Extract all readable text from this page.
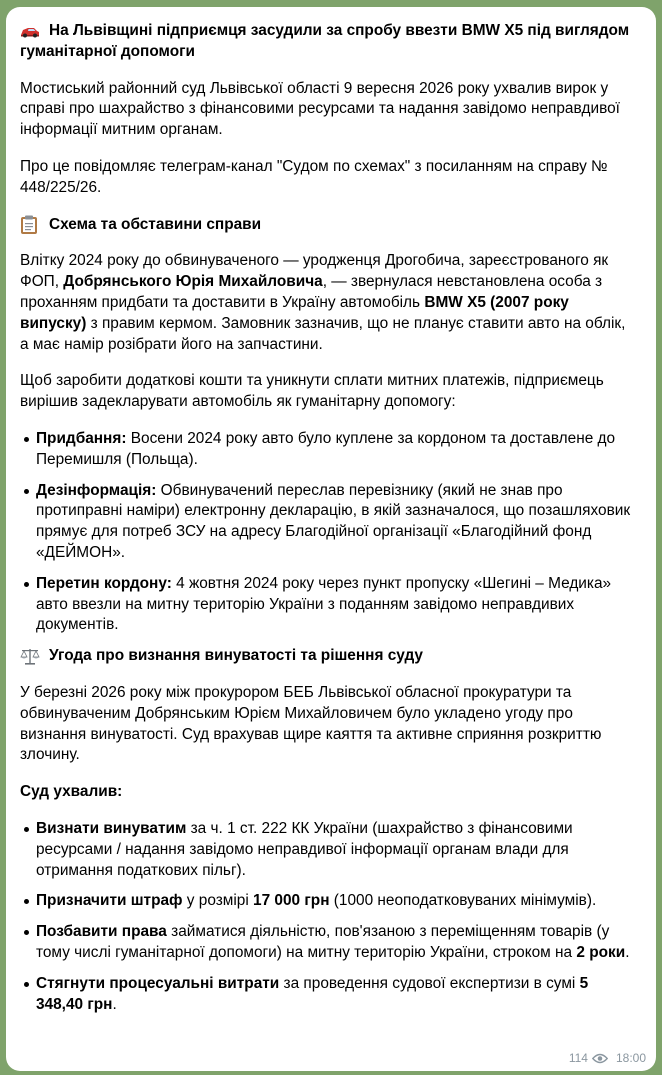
На Львівщині підприємця засудили за спробу ввезти BMW X5 під виглядом гуманітарної допомоги

Мостиський районний суд Львівської області 9 вересня 2026 року ухвалив вирок у справі про шахрайство з фінансовими ресурсами та надання завідомо неправдивої інформації митним органам.

Про це повідомляє телеграм-канал "Судом по схемах" з посиланням на справу № 448/225/26.

Схема та обставини справи

Влітку 2024 року до обвинуваченого — уродженця Дрогобича, зареєстрованого як ФОП, Добрянського Юрія Михайловича, — звернулася невстановлена особа з проханням придбати та доставити в Україну автомобіль BMW X5 (2007 року випуску) з правим кермом. Замовник зазначив, що не планує ставити авто на облік, а має намір розібрати його на запчастини.

Щоб заробити додаткові кошти та уникнути сплати митних платежів, підприємець вирішив задекларувати автомобіль як гуманітарну допомогу:

Придбання: Восени 2024 року авто було куплене за кордоном та доставлене до Перемишля (Польща).
Дезінформація: Обвинувачений переслав перевізнику (який не знав про протиправні наміри) електронну декларацію, в якій зазначалося, що позашляховик прямує для потреб ЗСУ на адресу Благодійної організації «Благодійний фонд «ДЕЙМОН».
Перетин кордону: 4 жовтня 2024 року через пункт пропуску «Шегині – Медика» авто ввезли на митну територію України з поданням завідомо неправдивих документів.
Угода про визнання винуватості та рішення суду

У березні 2026 року між прокурором БЕБ Львівської обласної прокуратури та обвинуваченим Добрянським Юрієм Михайловичем було укладено угоду про визнання винуватості. Суд врахував щире каяття та активне сприяння розкриттю злочину.

Суд ухвалив:

Визнати винуватим за ч. 1 ст. 222 КК України (шахрайство з фінансовими ресурсами / надання завідомо неправдивої інформації органам влади для отримання податкових пільг).
Призначити штраф у розмірі 17 000 грн (1000 неоподатковуваних мінімумів).
Позбавити права займатися діяльністю, пов'язаною з переміщенням товарів (у тому числі гуманітарної допомоги) на митну територію України, строком на 2 роки.
Стягнути процесуальні витрати за проведення судової експертизи в сумі 5 348,40 грн.
114 18:00
